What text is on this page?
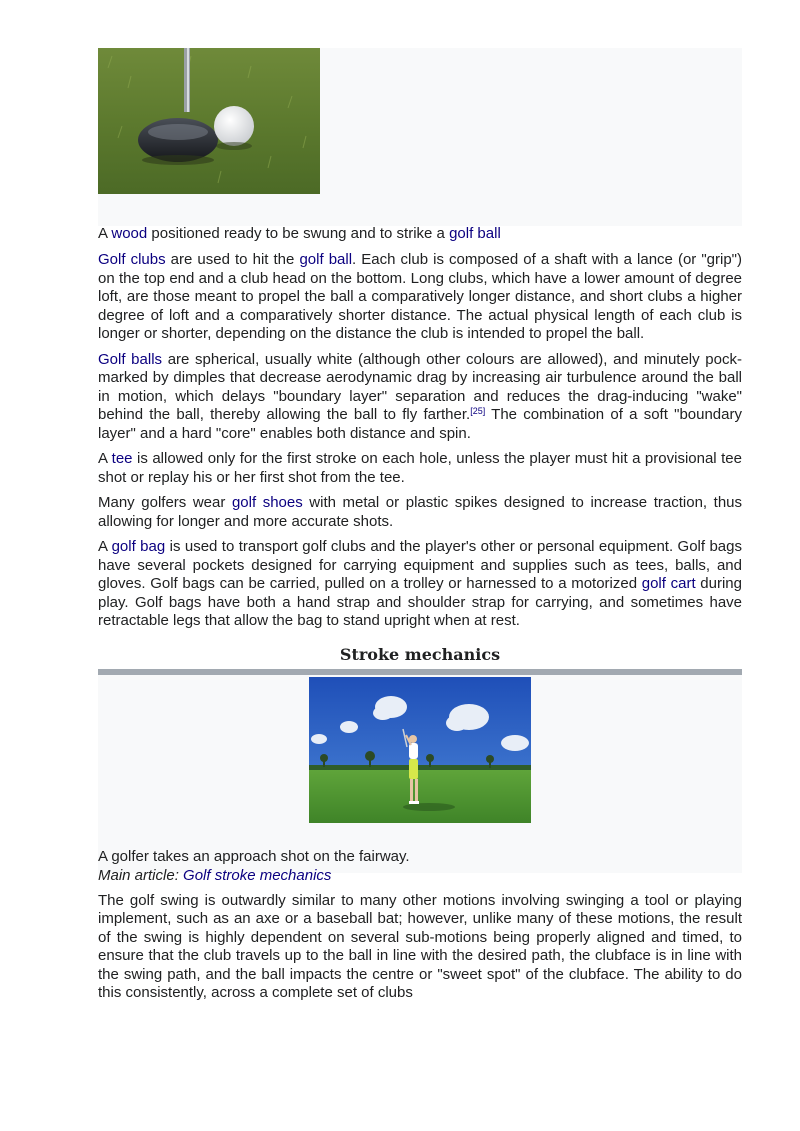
A wood positioned ready to be swung and to strike a golf ball

Golf clubs are used to hit the golf ball. Each club is composed of a shaft with a lance (or "grip") on the top end and a club head on the bottom. Long clubs, which have a lower amount of degree loft, are those meant to propel the ball a comparatively longer distance, and short clubs a higher degree of loft and a comparatively shorter distance. The actual physical length of each club is longer or shorter, depending on the distance the club is intended to propel the ball.

Golf balls are spherical, usually white (although other colours are allowed), and minutely pock-marked by dimples that decrease aerodynamic drag by increasing air turbulence around the ball in motion, which delays "boundary layer" separation and reduces the drag-inducing "wake" behind the ball, thereby allowing the ball to fly farther.[25] The combination of a soft "boundary layer" and a hard "core" enables both distance and spin.

A tee is allowed only for the first stroke on each hole, unless the player must hit a provisional tee shot or replay his or her first shot from the tee.

Many golfers wear golf shoes with metal or plastic spikes designed to increase traction, thus allowing for longer and more accurate shots.

A golf bag is used to transport golf clubs and the player's other or personal equipment. Golf bags have several pockets designed for carrying equipment and supplies such as tees, balls, and gloves. Golf bags can be carried, pulled on a trolley or harnessed to a motorized golf cart during play. Golf bags have both a hand strap and shoulder strap for carrying, and sometimes have retractable legs that allow the bag to stand upright when at rest.

Stroke mechanics

A golfer takes an approach shot on the fairway.

Main article: Golf stroke mechanics

The golf swing is outwardly similar to many other motions involving swinging a tool or playing implement, such as an axe or a baseball bat; however, unlike many of these motions, the result of the swing is highly dependent on several sub-motions being properly aligned and timed, to ensure that the club travels up to the ball in line with the desired path, the clubface is in line with the swing path, and the ball impacts the centre or "sweet spot" of the clubface. The ability to do this consistently, across a complete set of clubs
